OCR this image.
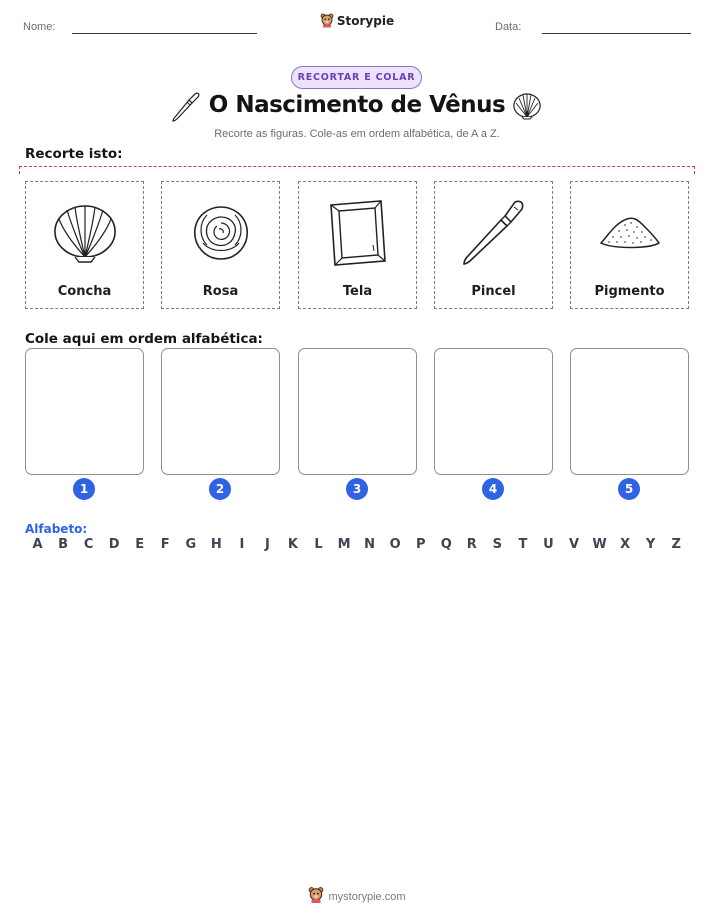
Nome:	Storypie	Data:
RECORTAR E COLAR
O Nascimento de Vênus
Recorte as figuras. Cole-as em ordem alfabética, de A a Z.
Recorte isto:
Concha	Rosa	Tela	Pincel	Pigmento
Cole aqui em ordem alfabética:
1	2	3	4	5
Alfabeto:
A	B	C	D	E	F	G	H	I	J	K	L	M	N	O	P	Q	R	S	T	U	V	W	X	Y	Z
mystorypie.com
